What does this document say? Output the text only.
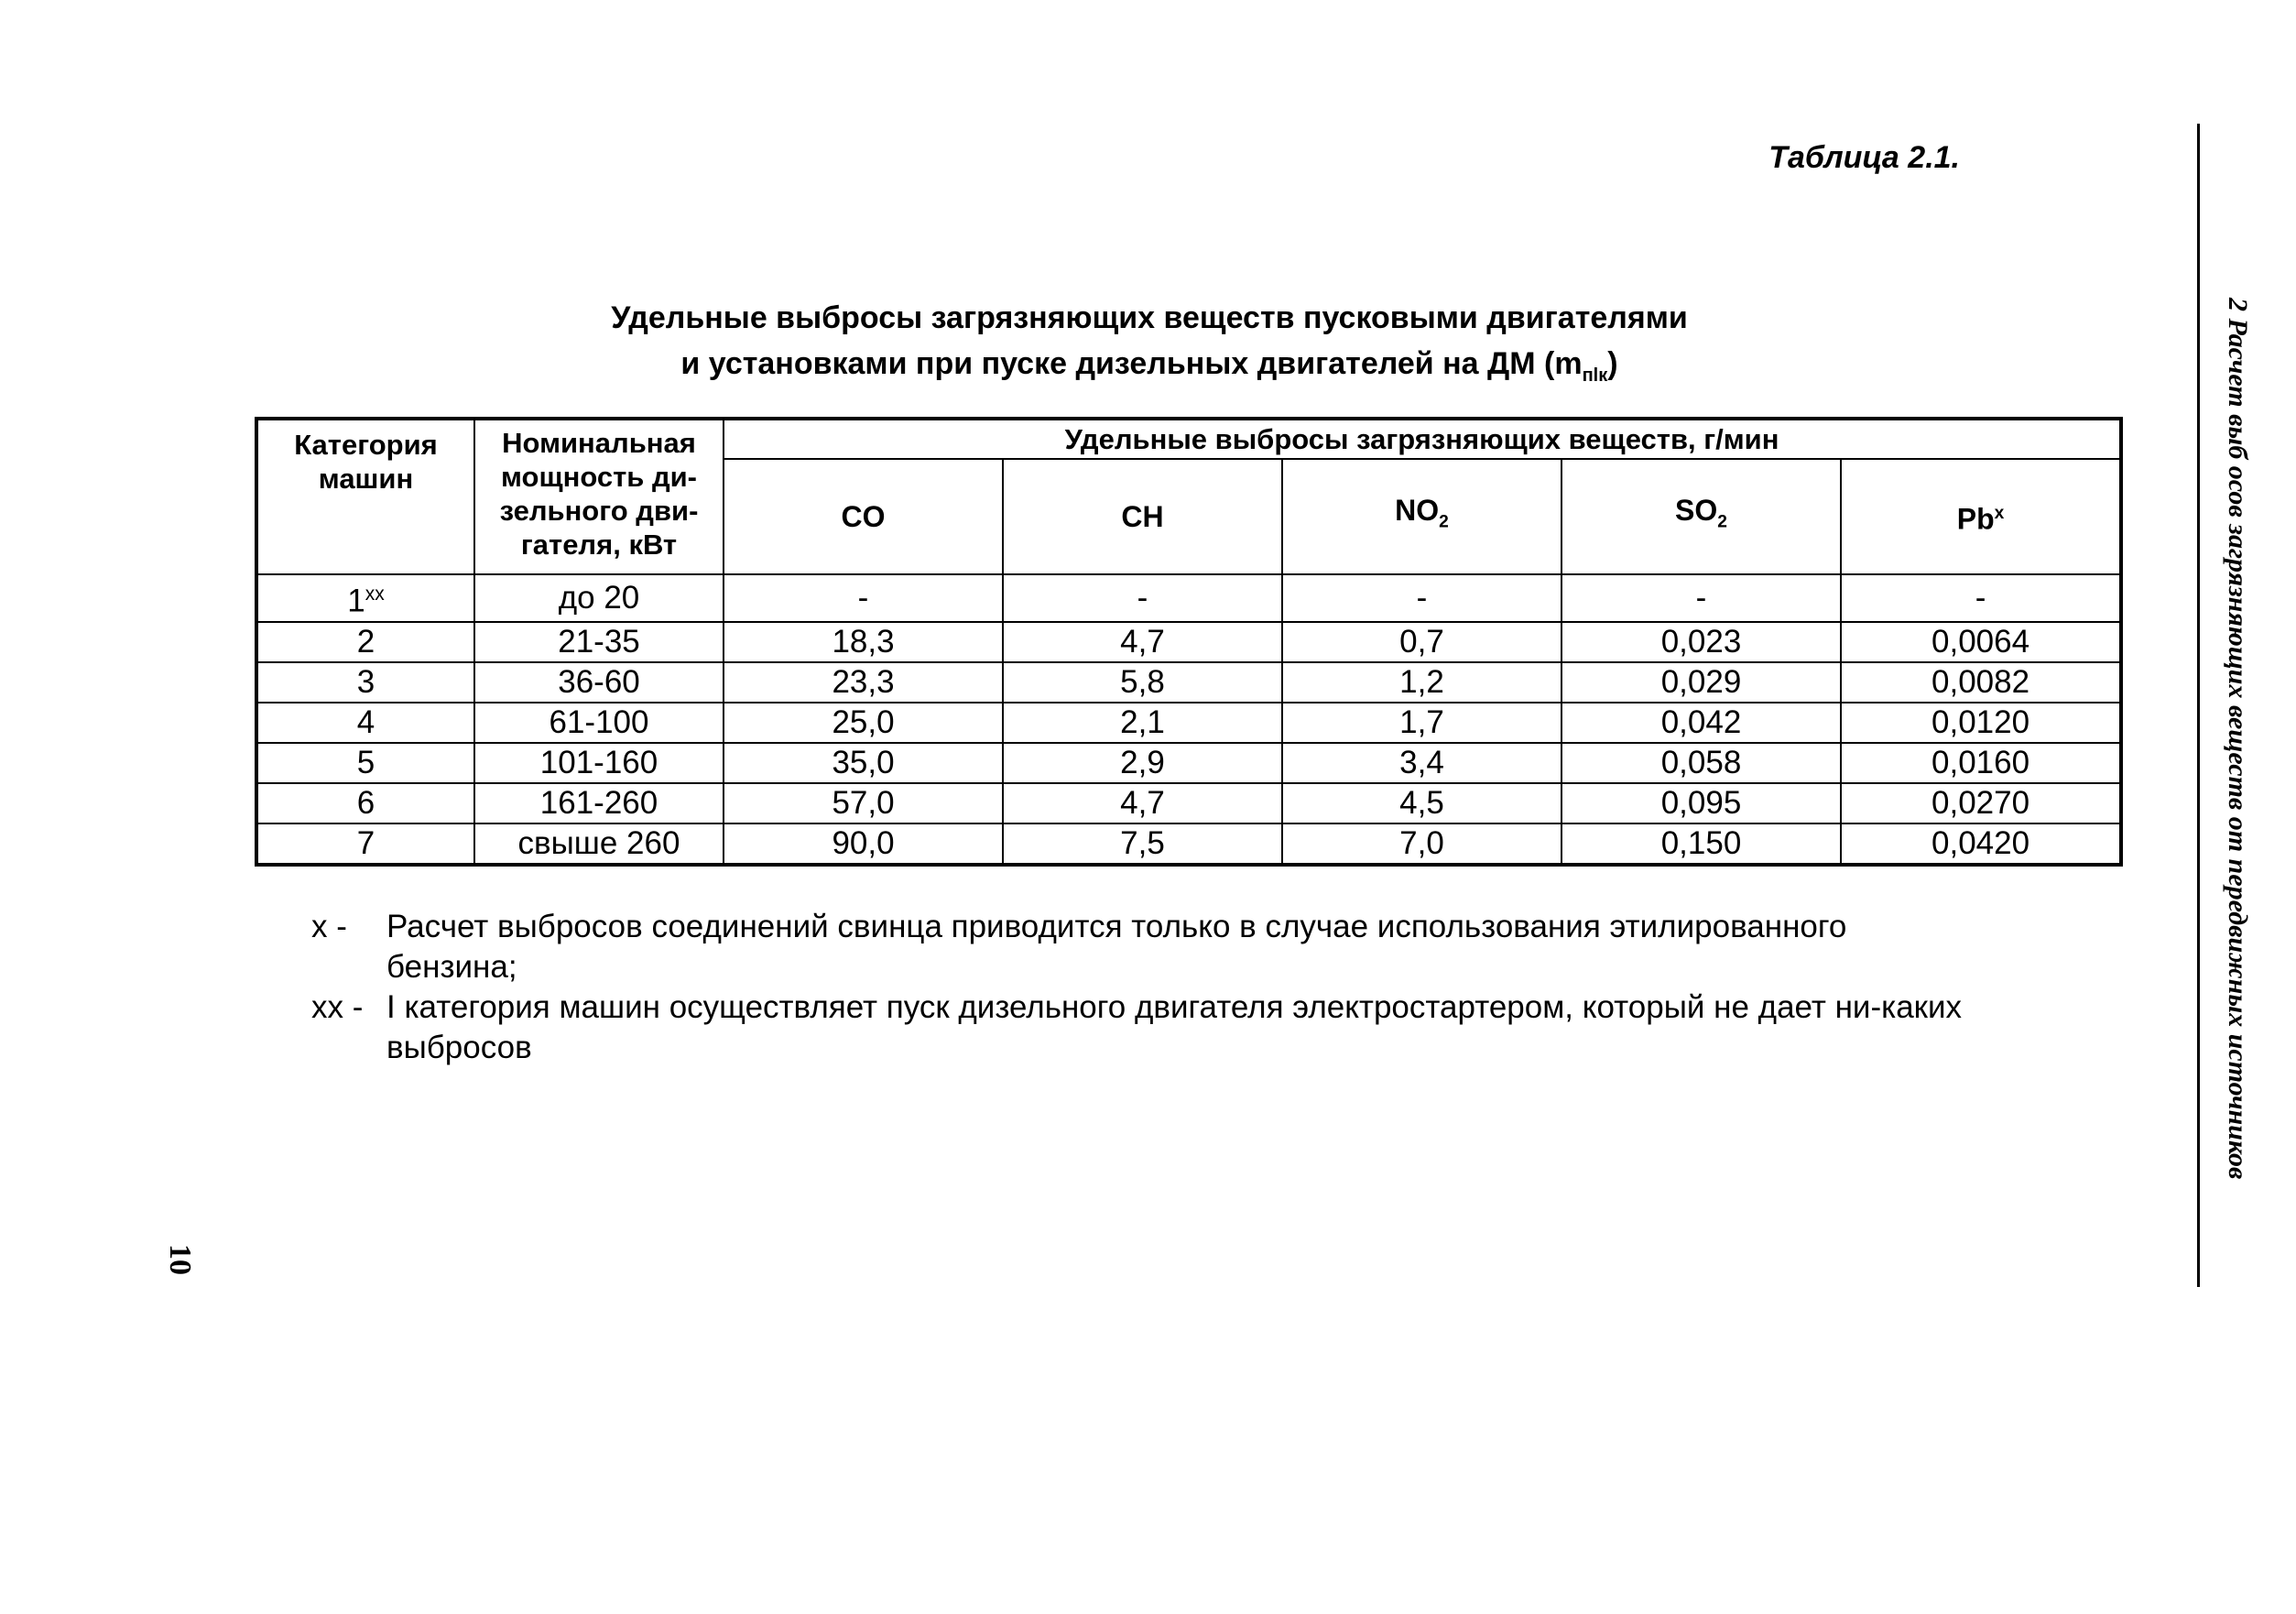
Таблица 2.1.
Удельные выбросы загрязняющих веществ пусковыми двигателями
и установками при пуске дизельных двигателей на ДМ $(m_{пlк})$
Категория машин	Номинальная мощность ди-зельного дви-гателя, кВт	Удельные выбросы загрязняющих веществ, г/мин				
		CO	CH	$NO_2$	$SO_2$	Pb$^x$
1$^{xx}$	до 20	-	-	-	-	-
2	21-35	18,3	4,7	0,7	0,023	0,0064
3	36-60	23,3	5,8	1,2	0,029	0,0082
4	61-100	25,0	2,1	1,7	0,042	0,0120
5	101-160	35,0	2,9	3,4	0,058	0,0160
6	161-260	57,0	4,7	4,5	0,095	0,0270
7	свыше 260	90,0	7,5	7,0	0,150	0,0420
x -	Расчет выбросов соединений свинца приводится только в случае использования этилированного бензина;
xx - I категория машин осуществляет пуск дизельного двигателя электростартером, который не дает ни-каких выбросов	2 Расчет выб осов загрязняющих веществ от передвижных источников
10
